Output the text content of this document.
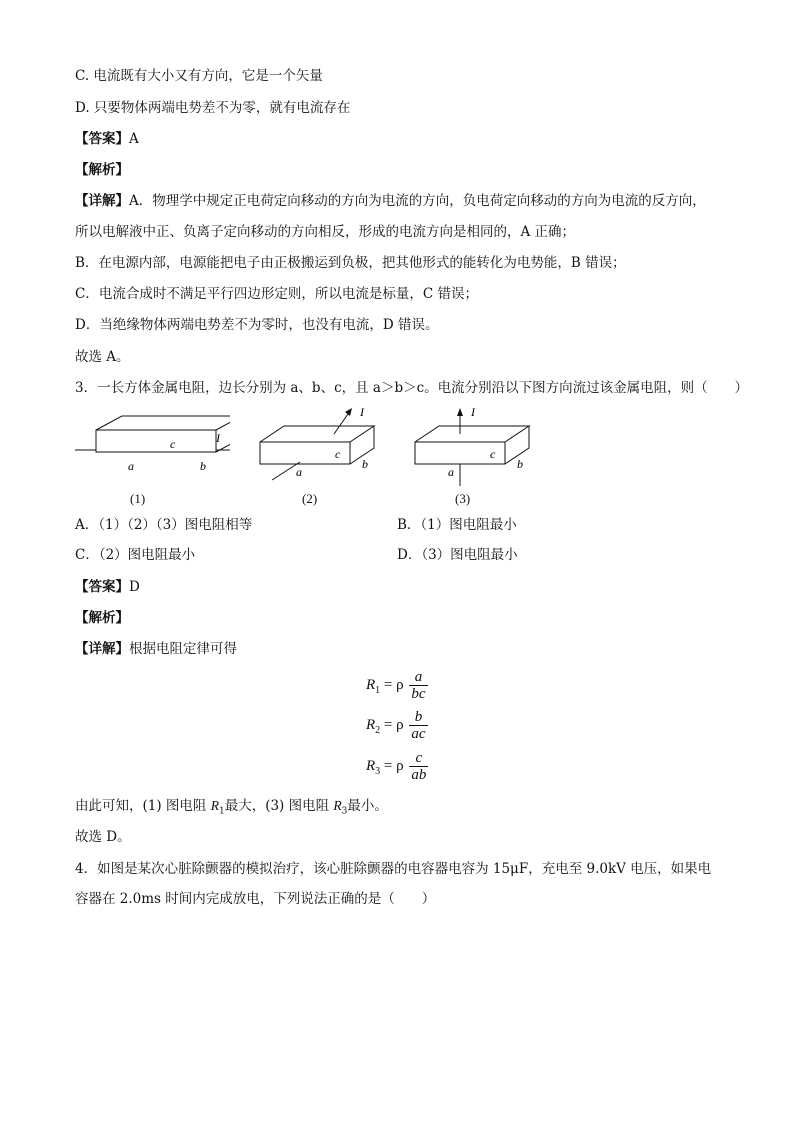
C. 电流既有大小又有方向，它是一个矢量
D. 只要物体两端电势差不为零，就有电流存在
【答案】A
【解析】
【详解】A．物理学中规定正电荷定向移动的方向为电流的方向，负电荷定向移动的方向为电流的反方向，
所以电解液中正、负离子定向移动的方向相反，形成的电流方向是相同的，A 正确；
B．在电源内部，电源能把电子由正极搬运到负极，把其他形式的能转化为电势能，B 错误；
C．电流合成时不满足平行四边形定则，所以电流是标量，C 错误；
D．当绝缘物体两端电势差不为零时，也没有电流，D 错误。
故选 A。
3．一长方体金属电阻，边长分别为 a、b、c，且 a＞b＞c。电流分别沿以下图方向流过该金属电阻，则（　　）
I
c
a	b
I
c
a
b
I
c
a
b
(1)	(2)	(3)
A．（1）（2）（3）图电阻相等	B．（1）图电阻最小
C．（2）图电阻最小	D．（3）图电阻最小
【答案】D
【解析】
【详解】根据电阻定律可得
$R_1 = \rho \frac{a}{bc}$
$R_2 = \rho \frac{b}{ac}$
$R_3 = \rho \frac{c}{ab}$
由此可知，(1) 图电阻 $R_1$最大，(3) 图电阻 $R_3$最小。
故选 D。
4．如图是某次心脏除颤器的模拟治疗，该心脏除颤器的电容器电容为 15μF，充电至 9.0kV 电压，如果电
容器在 2.0ms 时间内完成放电，下列说法正确的是（　　）
